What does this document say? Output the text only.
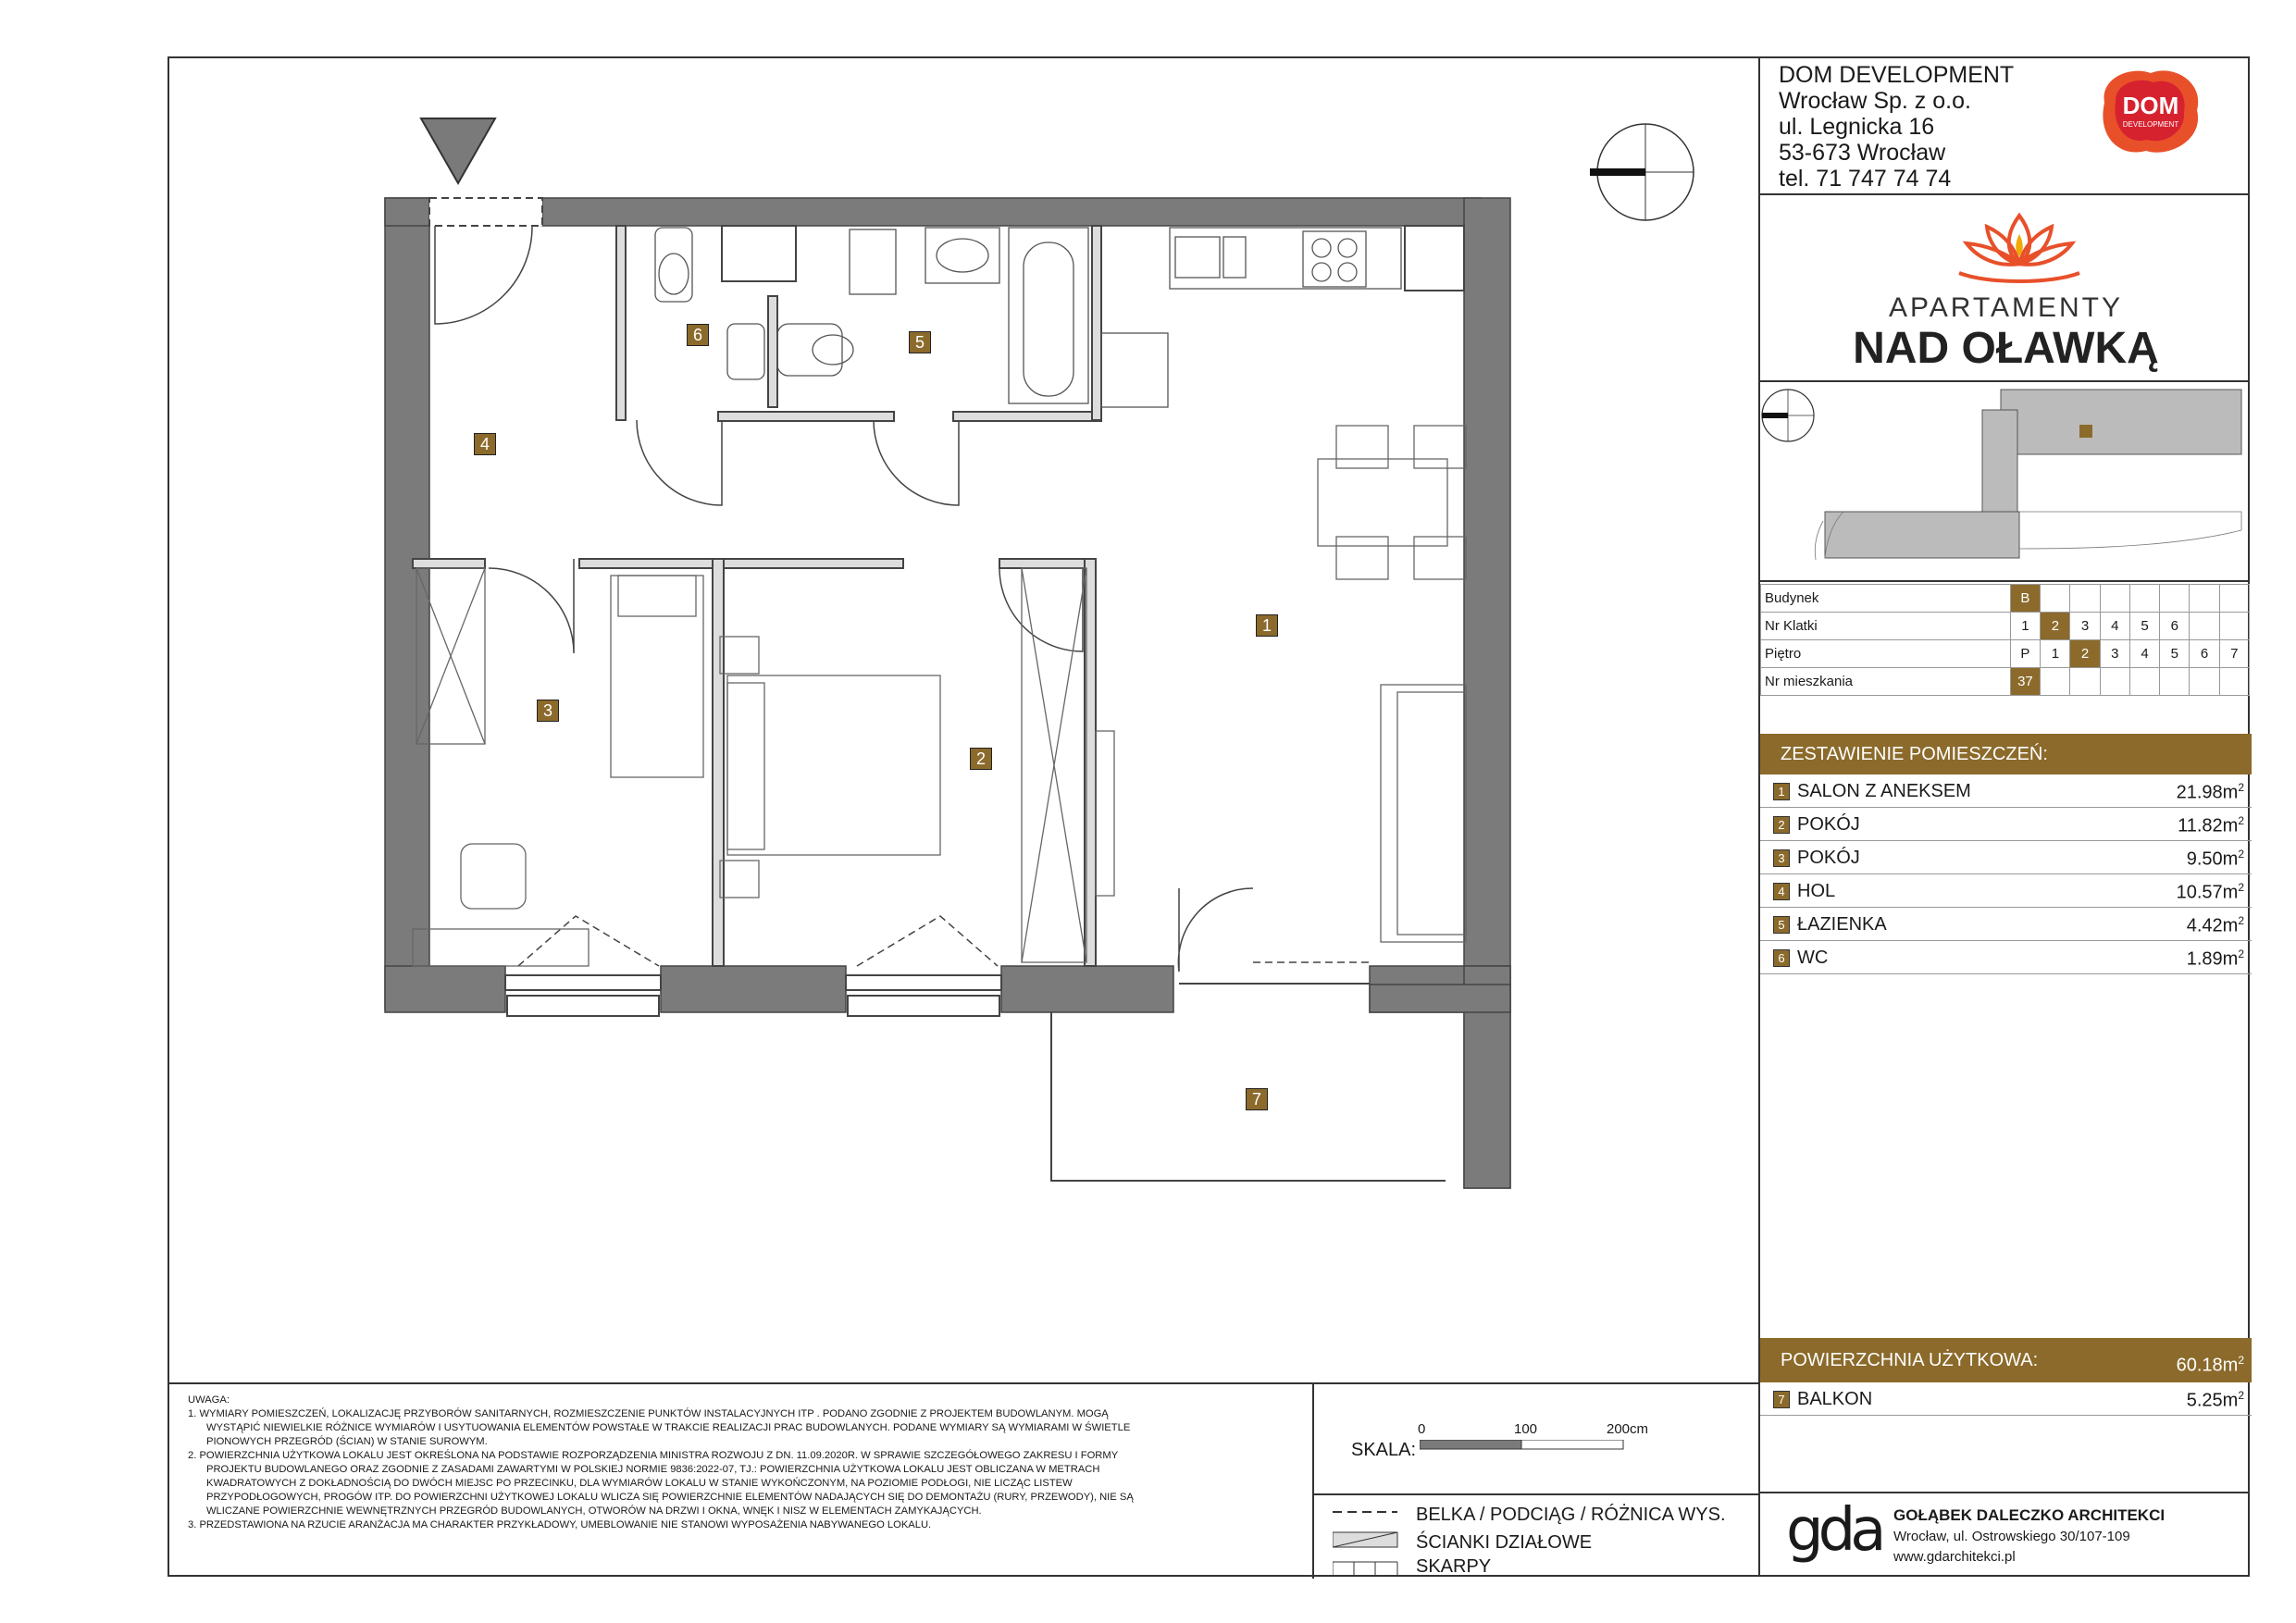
1
2
3
4
5
6
7
DOM DEVELOPMENT
Wrocław Sp. z o.o.
ul. Legnicka 16
53-673 Wrocław
tel. 71 747 74 74
DOM
DEVELOPMENT
APARTAMENTY
NAD OŁAWKĄ
Budynek	B							
Nr Klatki	1	2	3	4	5	6		
Piętro	P	1	2	3	4	5	6	7
Nr mieszkania	37							
ZESTAWIENIE POMIESZCZEŃ:
1 SALON Z ANEKSEM	$21.98m^2$
2 POKÓJ	$11.82m^2$
3 POKÓJ	$9.50m^2$
4 HOL	$10.57m^2$
5 ŁAZIENKA	$4.42m^2$
6 WC	$1.89m^2$
POWIERZCHNIA UŻYTKOWA:	$60.18m^2$
7 BALKON	$5.25m^2$
UWAGA:
1. WYMIARY POMIESZCZEŃ, LOKALIZACJĘ PRZYBORÓW SANITARNYCH, ROZMIESZCZENIE PUNKTÓW INSTALACYJNYCH ITP . PODANO ZGODNIE Z PROJEKTEM BUDOWLANYM. MOGĄ
WYSTĄPIĆ NIEWIELKIE RÓŻNICE WYMIARÓW I USYTUOWANIA ELEMENTÓW POWSTAŁE W TRAKCIE REALIZACJI PRAC BUDOWLANYCH. PODANE WYMIARY SĄ WYMIARAMI W ŚWIETLE
PIONOWYCH PRZEGRÓD (ŚCIAN) W STANIE SUROWYM.
2. POWIERZCHNIA UŻYTKOWA LOKALU JEST OKREŚLONA NA PODSTAWIE ROZPORZĄDZENIA MINISTRA ROZWOJU Z DN. 11.09.2020R. W SPRAWIE SZCZEGÓŁOWEGO ZAKRESU I FORMY
PROJEKTU BUDOWLANEGO ORAZ ZGODNIE Z ZASADAMI ZAWARTYMI W POLSKIEJ NORMIE 9836:2022-07, TJ.: POWIERZCHNIA UŻYTKOWA LOKALU JEST OBLICZANA W METRACH
KWADRATOWYCH Z DOKŁADNOŚCIĄ DO DWÓCH MIEJSC PO PRZECINKU, DLA WYMIARÓW LOKALU W STANIE WYKOŃCZONYM, NA POZIOMIE PODŁOGI, NIE LICZĄC LISTEW
PRZYPODŁOGOWYCH, PROGÓW ITP. DO POWIERZCHNI UŻYTKOWEJ LOKALU WLICZA SIĘ POWIERZCHNIE ELEMENTÓW NADAJĄCYCH SIĘ DO DEMONTAŻU (RURY, PRZEWODY), NIE SĄ
WLICZANE POWIERZCHNIE WEWNĘTRZNYCH PRZEGRÓD BUDOWLANYCH, OTWORÓW NA DRZWI I OKNA, WNĘK I NISZ W ELEMENTACH ZAMYKAJĄCYCH.
3. PRZEDSTAWIONA NA RZUCIE ARANŻACJA MA CHARAKTER PRZYKŁADOWY, UMEBLOWANIE NIE STANOWI WYPOSAŻENIA NABYWANEGO LOKALU.
SKALA:
0	100	200cm
BELKA / PODCIĄG / RÓŻNICA WYS.
ŚCIANKI DZIAŁOWE
SKARPY
gda GOŁĄBEK DALECZKO ARCHITEKCI
Wrocław, ul. Ostrowskiego 30/107-109
www.gdarchitekci.pl
